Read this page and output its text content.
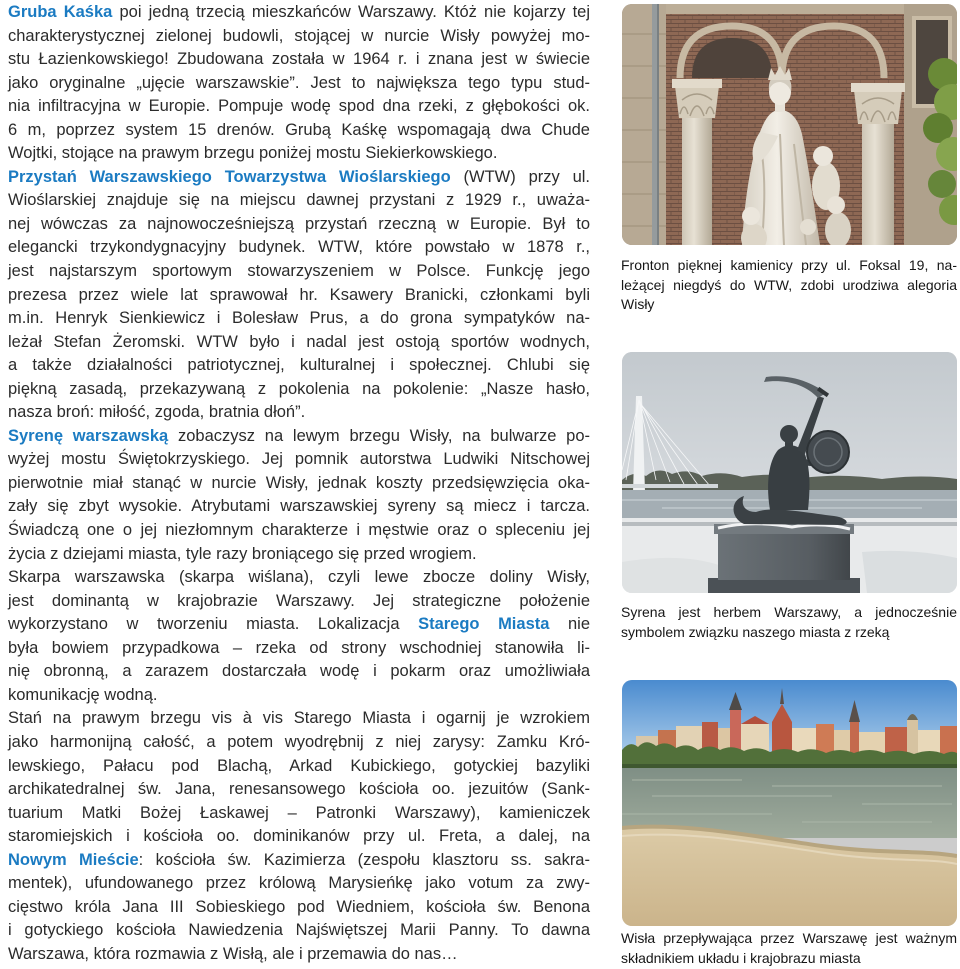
Gruba Kaśka poi jedną trzecią mieszkańców Warszawy. Któż nie kojarzy tej
charakterystycznej zielonej budowli, stojącej w nurcie Wisły powyżej mo-
stu Łazienkowskiego! Zbudowana została w 1964 r. i znana jest w świecie
jako oryginalne „ujęcie warszawskie”. Jest to największa tego typu stud-
nia infiltracyjna w Europie. Pompuje wodę spod dna rzeki, z głębokości ok.
6 m, poprzez system 15 drenów. Grubą Kaśkę wspomagają dwa Chude
Wojtki, stojące na prawym brzegu poniżej mostu Siekierkowskiego.
Przystań Warszawskiego Towarzystwa Wioślarskiego (WTW) przy ul.
Wioślarskiej znajduje się na miejscu dawnej przystani z 1929 r., uważa-
nej wówczas za najnowocześniejszą przystań rzeczną w Europie. Był to
elegancki trzykondygnacyjny budynek. WTW, które powstało w 1878 r.,
jest najstarszym sportowym stowarzyszeniem w Polsce. Funkcję jego
prezesa przez wiele lat sprawował hr. Ksawery Branicki, członkami byli
m.in. Henryk Sienkiewicz i Bolesław Prus, a do grona sympatyków na-
leżał Stefan Żeromski. WTW było i nadal jest ostoją sportów wodnych,
a także działalności patriotycznej, kulturalnej i społecznej. Chlubi się
piękną zasadą, przekazywaną z pokolenia na pokolenie: „Nasze hasło,
nasza broń: miłość, zgoda, bratnia dłoń”.
Syrenę warszawską zobaczysz na lewym brzegu Wisły, na bulwarze po-
wyżej mostu Świętokrzyskiego. Jej pomnik autorstwa Ludwiki Nitschowej
pierwotnie miał stanąć w nurcie Wisły, jednak koszty przedsięwzięcia oka-
zały się zbyt wysokie. Atrybutami warszawskiej syreny są miecz i tarcza.
Świadczą one o jej niezłomnym charakterze i męstwie oraz o spleceniu jej
życia z dziejami miasta, tyle razy broniącego się przed wrogiem.
Skarpa warszawska (skarpa wiślana), czyli lewe zbocze doliny Wisły,
jest dominantą w krajobrazie Warszawy. Jej strategiczne położenie
wykorzystano w tworzeniu miasta. Lokalizacja Starego Miasta nie
była bowiem przypadkowa – rzeka od strony wschodniej stanowiła li-
nię obronną, a zarazem dostarczała wodę i pokarm oraz umożliwiała
komunikację wodną.
Stań na prawym brzegu vis à vis Starego Miasta i ogarnij je wzrokiem
jako harmonijną całość, a potem wyodrębnij z niej zarysy: Zamku Kró-
lewskiego, Pałacu pod Blachą, Arkad Kubickiego, gotyckiej bazyliki
archikatedralnej św. Jana, renesansowego kościoła oo. jezuitów (Sank-
tuarium Matki Bożej Łaskawej – Patronki Warszawy), kamieniczek
staromiejskich i kościoła oo. dominikanów przy ul. Freta, a dalej, na
Nowym Mieście: kościoła św. Kazimierza (zespołu klasztoru ss. sakra-
mentek), ufundowanego przez królową Marysieńkę jako votum za zwy-
cięstwo króla Jana III Sobieskiego pod Wiedniem, kościoła św. Benona
i gotyckiego kościoła Nawiedzenia Najświętszej Marii Panny. To dawna
Warszawa, która rozmawia z Wisłą, ale i przemawia do nas…
Fronton pięknej kamienicy przy ul. Foksal 19, na-
leżącej niegdyś do WTW, zdobi urodziwa alegoria
Wisły
Syrena jest herbem Warszawy, a jednocześnie
symbolem związku naszego miasta z rzeką
Wisła przepływająca przez Warszawę jest ważnym
składnikiem układu i krajobrazu miasta
